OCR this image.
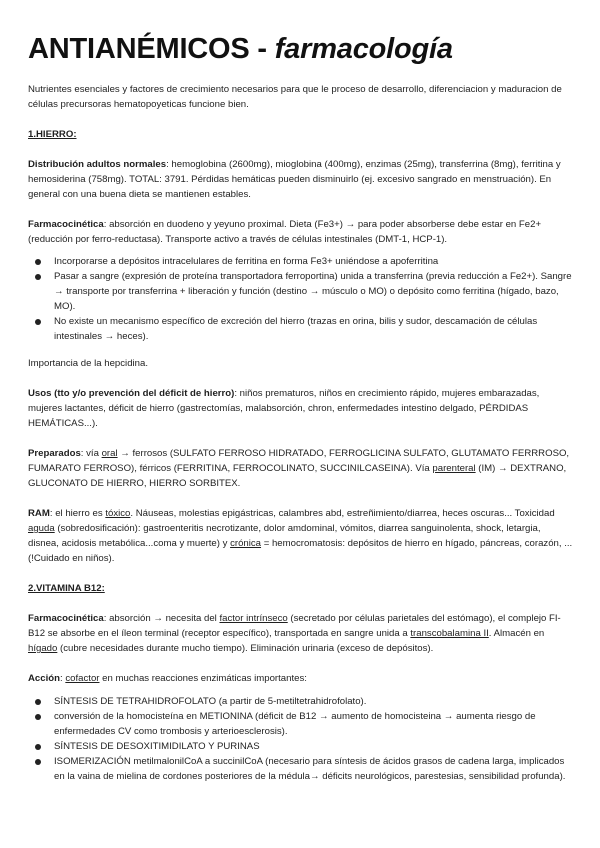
ANTIANÉMICOS - farmacología

Nutrientes esenciales y factores de crecimiento necesarios para que le proceso de desarrollo, diferenciacion y maduracion de células precursoras hematopoyeticas funcione bien.

1.HIERRO:

Distribución adultos normales: hemoglobina (2600mg), mioglobina (400mg), enzimas (25mg), transferrina (8mg), ferritina y hemosiderina (758mg). TOTAL: 3791. Pérdidas hemáticas pueden disminuirlo (ej. excesivo sangrado en menstruación). En general con una buena dieta se mantienen estables.

Farmacocinética: absorción en duodeno y yeyuno proximal. Dieta (Fe3+) → para poder absorberse debe estar en Fe2+ (reducción por ferro-reductasa). Transporte activo a través de células intestinales (DMT-1, HCP-1).

Incorporarse a depósitos intracelulares de ferritina en forma Fe3+ uniéndose a apoferritina
Pasar a sangre (expresión de proteína transportadora ferroportina) unida a transferrina (previa reducción a Fe2+). Sangre → transporte por transferrina + liberación y función (destino → músculo o MO) o depósito como ferritina (hígado, bazo, MO).
No existe un mecanismo específico de excreción del hierro (trazas en orina, bilis y sudor, descamación de células intestinales → heces).

Importancia de la hepcidina.

Usos (tto y/o prevención del déficit de hierro): niños prematuros, niños en crecimiento rápido, mujeres embarazadas, mujeres lactantes, déficit de hierro (gastrectomías, malabsorción, chron, enfermedades intestino delgado, PÉRDIDAS HEMÁTICAS...).

Preparados: vía oral → ferrosos (SULFATO FERROSO HIDRATADO, FERROGLICINA SULFATO, GLUTAMATO FERRROSO, FUMARATO FERROSO), férricos (FERRITINA, FERROCOLINATO, SUCCINILCASEINA). Vía parenteral (IM) → DEXTRANO, GLUCONATO DE HIERRO, HIERRO SORBITEX.

RAM: el hierro es tóxico. Náuseas, molestias epigástricas, calambres abd, estreñimiento/diarrea, heces oscuras... Toxicidad aguda (sobredosificación): gastroenteritis necrotizante, dolor amdominal, vómitos, diarrea sanguinolenta, shock, letargia, disnea, acidosis metabólica...coma y muerte) y crónica = hemocromatosis: depósitos de hierro en hígado, páncreas, corazón, ... (!Cuidado en niños).

2.VITAMINA B12:

Farmacocinética: absorción → necesita del factor intrínseco (secretado por células parietales del estómago), el complejo FI-B12 se absorbe en el íleon terminal (receptor específico), transportada en sangre unida a transcobalamina II. Almacén en hígado (cubre necesidades durante mucho tiempo). Eliminación urinaria (exceso de depósitos).

Acción: cofactor en muchas reacciones enzimáticas importantes:

SÍNTESIS DE TETRAHIDROFOLATO (a partir de 5-metiltetrahidrofolato).
conversión de la homocisteína en METIONINA (déficit de B12 → aumento de homocisteina → aumenta riesgo de enfermedades CV como trombosis y arterioesclerosis).
SÍNTESIS DE DESOXITIMIDILATO Y PURINAS
ISOMERIZACIÓN metilmalonilCoA a succinilCoA (necesario para síntesis de ácidos grasos de cadena larga, implicados en la vaina de mielina de cordones posteriores de la médula→ déficits neurológicos, parestesias, sensibilidad profunda).
